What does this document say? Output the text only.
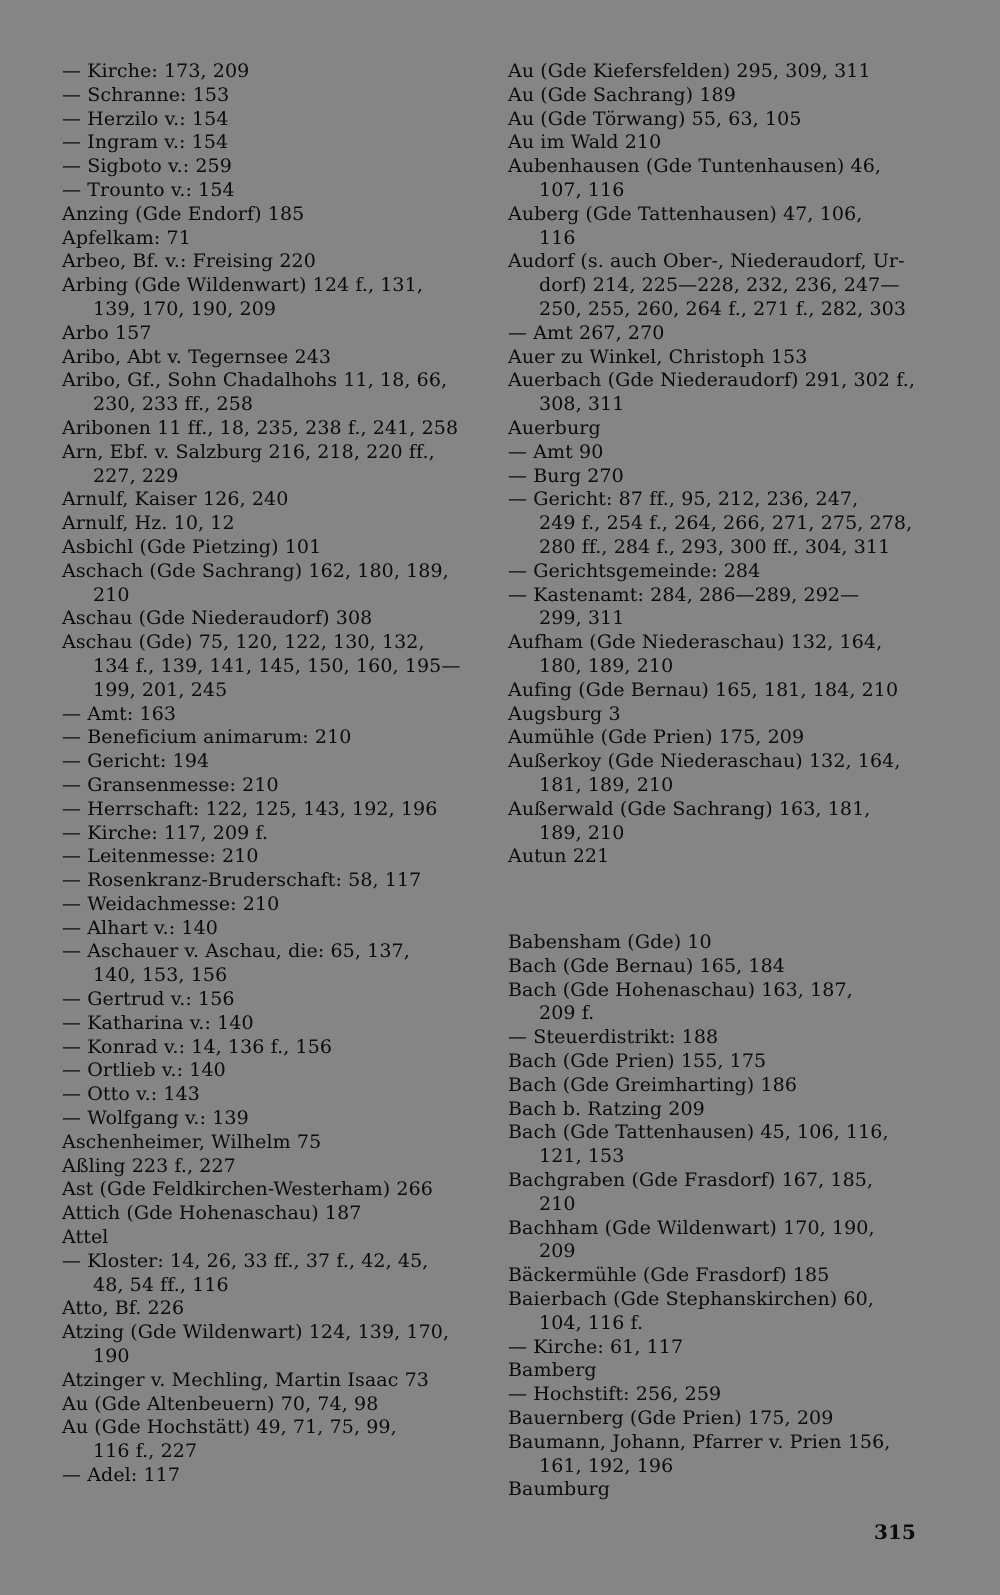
— Kirche: 173, 209
— Schranne: 153
— Herzilo v.: 154
— Ingram v.: 154
— Sigboto v.: 259
— Trounto v.: 154
Anzing (Gde Endorf) 185
Apfelkam: 71
Arbeo, Bf. v.: Freising 220
Arbing (Gde Wildenwart) 124 f., 131,
139, 170, 190, 209
Arbo 157
Aribo, Abt v. Tegernsee 243
Aribo, Gf., Sohn Chadalhohs 11, 18, 66,
230, 233 ff., 258
Aribonen 11 ff., 18, 235, 238 f., 241, 258
Arn, Ebf. v. Salzburg 216, 218, 220 ff.,
227, 229
Arnulf, Kaiser 126, 240
Arnulf, Hz. 10, 12
Asbichl (Gde Pietzing) 101
Aschach (Gde Sachrang) 162, 180, 189,
210
Aschau (Gde Niederaudorf) 308
Aschau (Gde) 75, 120, 122, 130, 132,
134 f., 139, 141, 145, 150, 160, 195—
199, 201, 245
— Amt: 163
— Beneficium animarum: 210
— Gericht: 194
— Gransenmesse: 210
— Herrschaft: 122, 125, 143, 192, 196
— Kirche: 117, 209 f.
— Leitenmesse: 210
— Rosenkranz-Bruderschaft: 58, 117
— Weidachmesse: 210
— Alhart v.: 140
— Aschauer v. Aschau, die: 65, 137,
140, 153, 156
— Gertrud v.: 156
— Katharina v.: 140
— Konrad v.: 14, 136 f., 156
— Ortlieb v.: 140
— Otto v.: 143
— Wolfgang v.: 139
Aschenheimer, Wilhelm 75
Aßling 223 f., 227
Ast (Gde Feldkirchen-Westerham) 266
Attich (Gde Hohenaschau) 187
Attel
— Kloster: 14, 26, 33 ff., 37 f., 42, 45,
48, 54 ff., 116
Atto, Bf. 226
Atzing (Gde Wildenwart) 124, 139, 170,
190
Atzinger v. Mechling, Martin Isaac 73
Au (Gde Altenbeuern) 70, 74, 98
Au (Gde Hochstätt) 49, 71, 75, 99,
116 f., 227
— Adel: 117
Au (Gde Kiefersfelden) 295, 309, 311
Au (Gde Sachrang) 189
Au (Gde Törwang) 55, 63, 105
Au im Wald 210
Aubenhausen (Gde Tuntenhausen) 46,
107, 116
Auberg (Gde Tattenhausen) 47, 106,
116
Audorf (s. auch Ober-, Niederaudorf, Ur-
dorf) 214, 225—228, 232, 236, 247—
250, 255, 260, 264 f., 271 f., 282, 303
— Amt 267, 270
Auer zu Winkel, Christoph 153
Auerbach (Gde Niederaudorf) 291, 302 f.,
308, 311
Auerburg
— Amt 90
— Burg 270
— Gericht: 87 ff., 95, 212, 236, 247,
249 f., 254 f., 264, 266, 271, 275, 278,
280 ff., 284 f., 293, 300 ff., 304, 311
— Gerichtsgemeinde: 284
— Kastenamt: 284, 286—289, 292—
299, 311
Aufham (Gde Niederaschau) 132, 164,
180, 189, 210
Aufing (Gde Bernau) 165, 181, 184, 210
Augsburg 3
Aumühle (Gde Prien) 175, 209
Außerkoy (Gde Niederaschau) 132, 164,
181, 189, 210
Außerwald (Gde Sachrang) 163, 181,
189, 210
Autun 221
Babensham (Gde) 10
Bach (Gde Bernau) 165, 184
Bach (Gde Hohenaschau) 163, 187,
209 f.
— Steuerdistrikt: 188
Bach (Gde Prien) 155, 175
Bach (Gde Greimharting) 186
Bach b. Ratzing 209
Bach (Gde Tattenhausen) 45, 106, 116,
121, 153
Bachgraben (Gde Frasdorf) 167, 185,
210
Bachham (Gde Wildenwart) 170, 190,
209
Bäckermühle (Gde Frasdorf) 185
Baierbach (Gde Stephanskirchen) 60,
104, 116 f.
— Kirche: 61, 117
Bamberg
— Hochstift: 256, 259
Bauernberg (Gde Prien) 175, 209
Baumann, Johann, Pfarrer v. Prien 156,
161, 192, 196
Baumburg
315
